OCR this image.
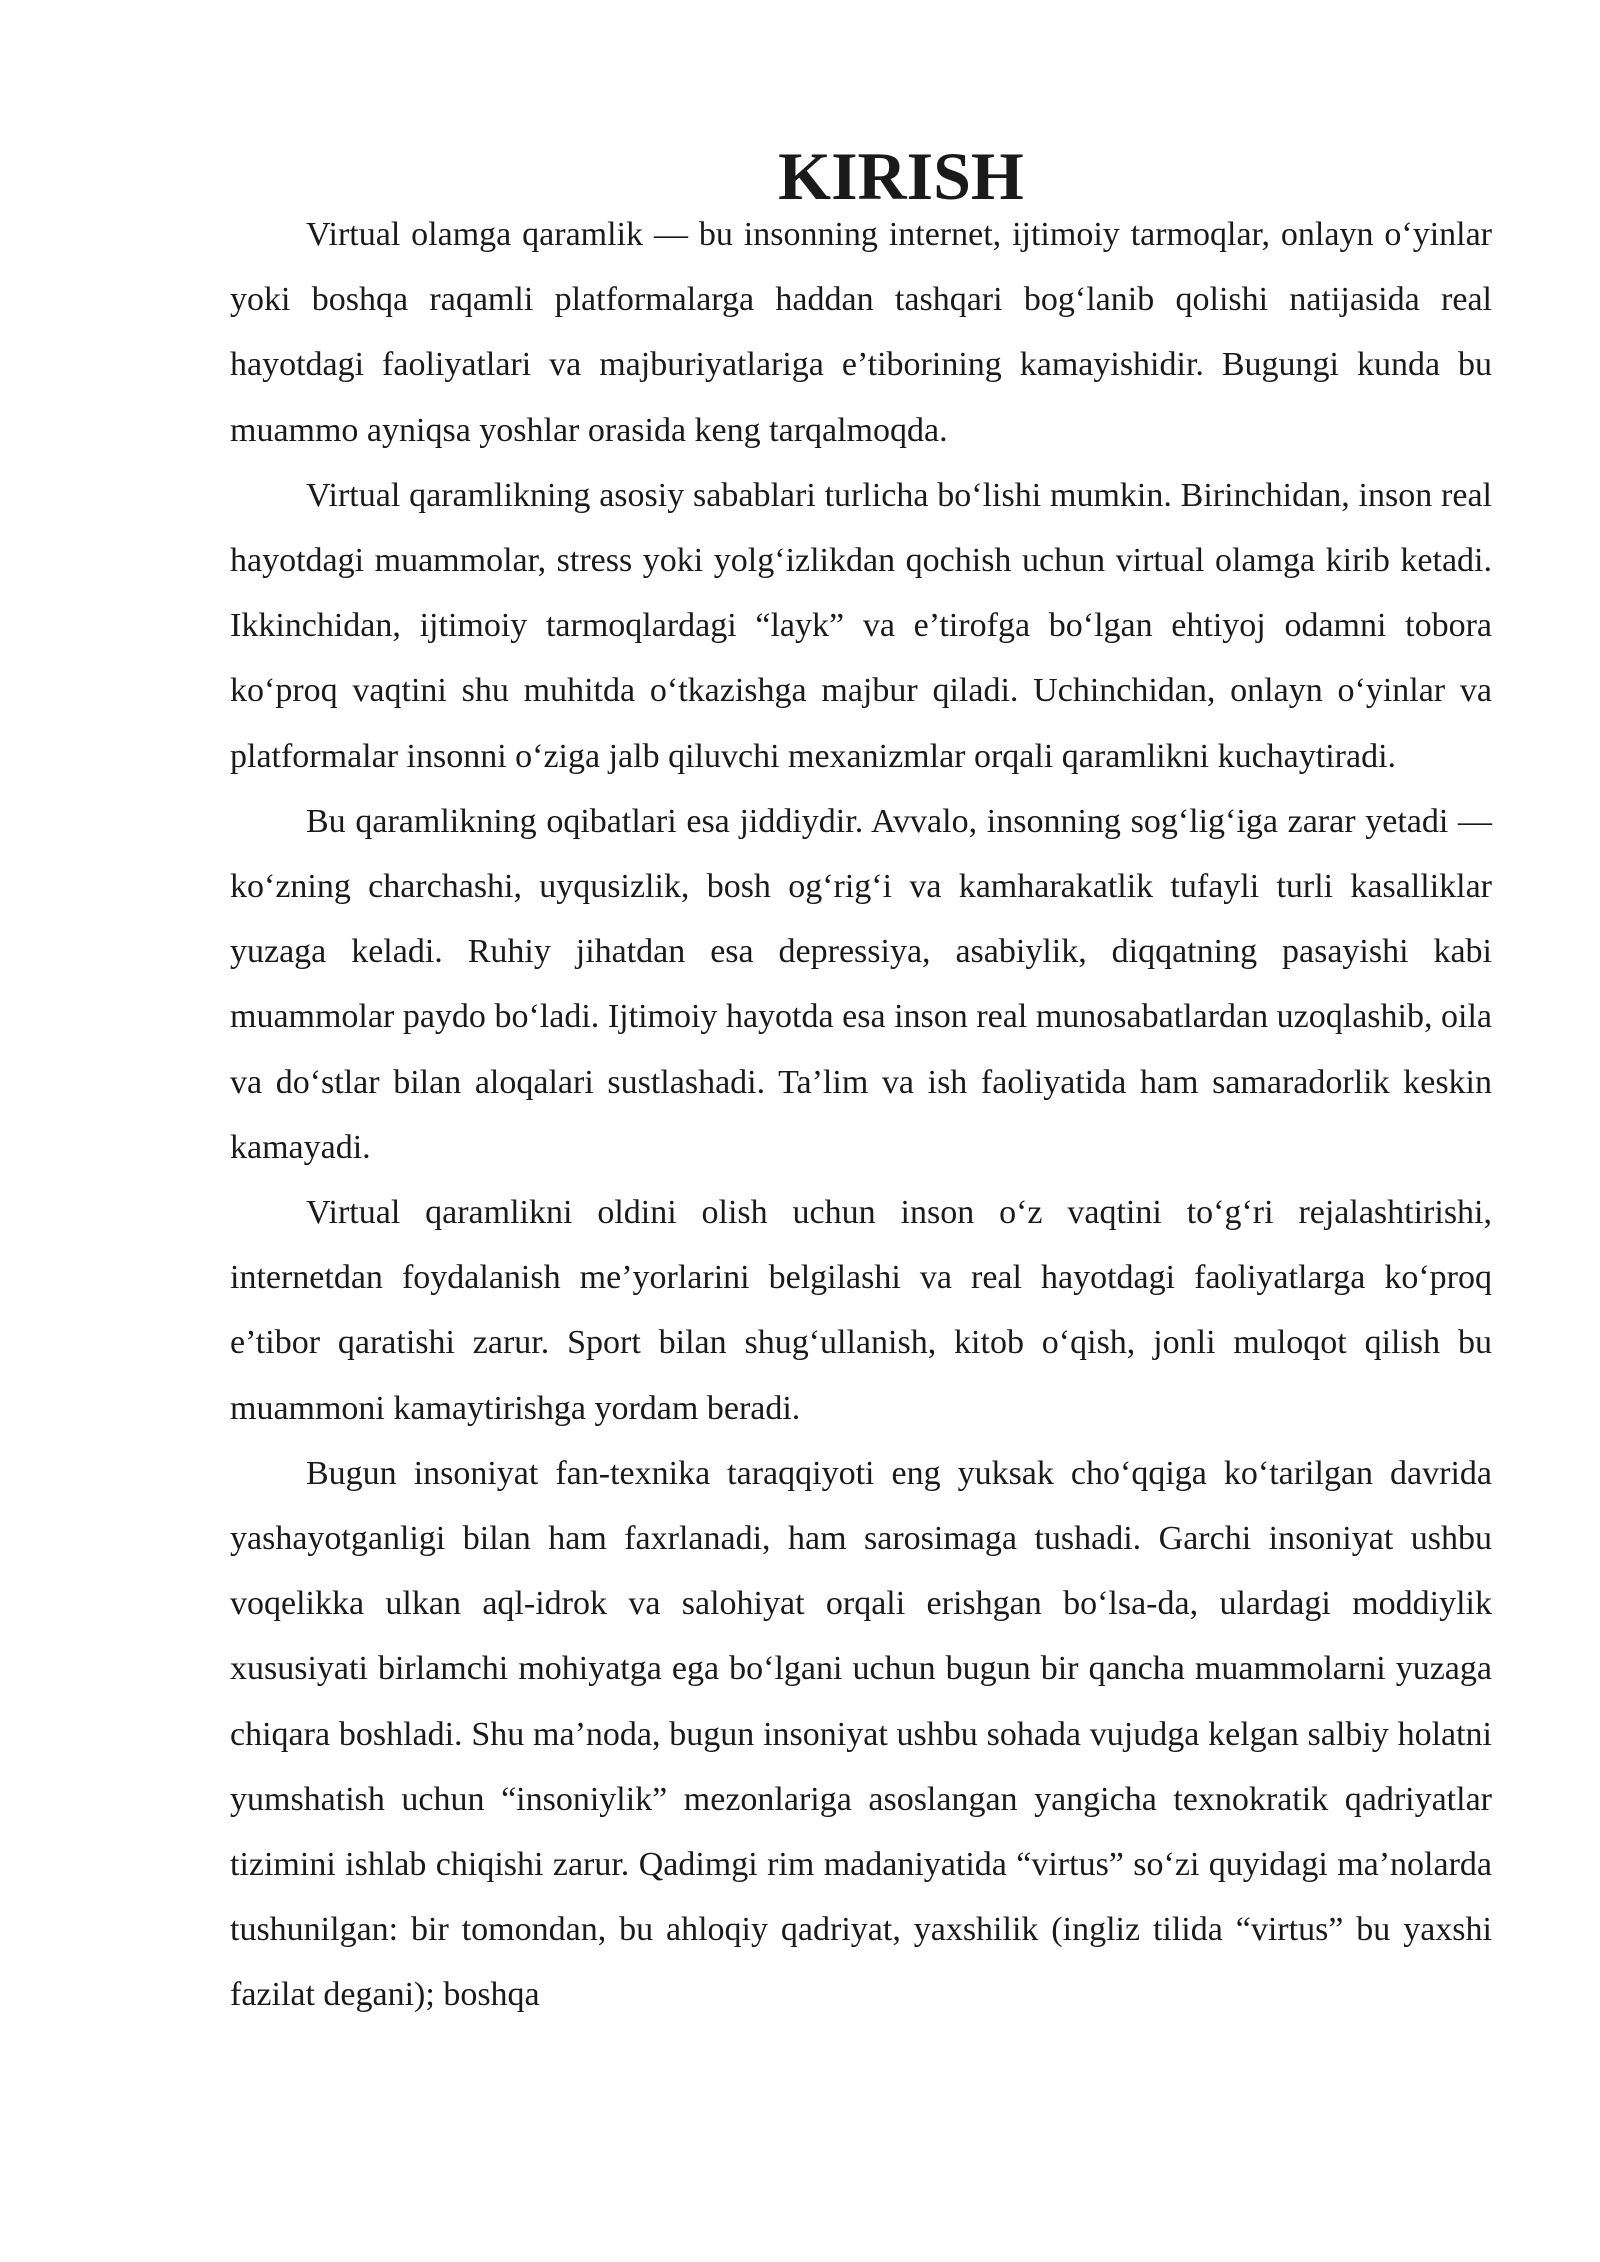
KIRISH

Virtual olamga qaramlik — bu insonning internet, ijtimoiy tarmoqlar, onlayn o‘yinlar yoki boshqa raqamli platformalarga haddan tashqari bog‘lanib qolishi natijasida real hayotdagi faoliyatlari va majburiyatlariga e’tiborining kamayishidir. Bugungi kunda bu muammo ayniqsa yoshlar orasida keng tarqalmoqda.

Virtual qaramlikning asosiy sabablari turlicha bo‘lishi mumkin. Birinchidan, inson real hayotdagi muammolar, stress yoki yolg‘izlikdan qochish uchun virtual olamga kirib ketadi. Ikkinchidan, ijtimoiy tarmoqlardagi “layk” va e’tirofga bo‘lgan ehtiyoj odamni tobora ko‘proq vaqtini shu muhitda o‘tkazishga majbur qiladi. Uchinchidan, onlayn o‘yinlar va platformalar insonni o‘ziga jalb qiluvchi mexanizmlar orqali qaramlikni kuchaytiradi.

Bu qaramlikning oqibatlari esa jiddiydir. Avvalo, insonning sog‘lig‘iga zarar yetadi — ko‘zning charchashi, uyqusizlik, bosh og‘rig‘i va kamharakatlik tufayli turli kasalliklar yuzaga keladi. Ruhiy jihatdan esa depressiya, asabiylik, diqqatning pasayishi kabi muammolar paydo bo‘ladi. Ijtimoiy hayotda esa inson real munosabatlardan uzoqlashib, oila va do‘stlar bilan aloqalari sustlashadi. Ta’lim va ish faoliyatida ham samaradorlik keskin kamayadi.

Virtual qaramlikni oldini olish uchun inson o‘z vaqtini to‘g‘ri rejalashtirishi, internetdan foydalanish me’yorlarini belgilashi va real hayotdagi faoliyatlarga ko‘proq e’tibor qaratishi zarur. Sport bilan shug‘ullanish, kitob o‘qish, jonli muloqot qilish bu muammoni kamaytirishga yordam beradi.

Bugun insoniyat fan-texnika taraqqiyoti eng yuksak cho‘qqiga ko‘tarilgan davrida yashayotganligi bilan ham faxrlanadi, ham sarosimaga tushadi. Garchi insoniyat ushbu voqelikka ulkan aql-idrok va salohiyat orqali erishgan bo‘lsa-da, ulardagi moddiylik xususiyati birlamchi mohiyatga ega bo‘lgani uchun bugun bir qancha muammolarni yuzaga chiqara boshladi. Shu ma’noda, bugun insoniyat ushbu sohada vujudga kelgan salbiy holatni yumshatish uchun “insoniylik” mezonlariga asoslangan yangicha texnokratik qadriyatlar tizimini ishlab chiqishi zarur. Qadimgi rim madaniyatida “virtus” so‘zi quyidagi ma’nolarda tushunilgan: bir tomondan, bu ahloqiy qadriyat, yaxshilik (ingliz tilida “virtus” bu yaxshi fazilat degani); boshqa
